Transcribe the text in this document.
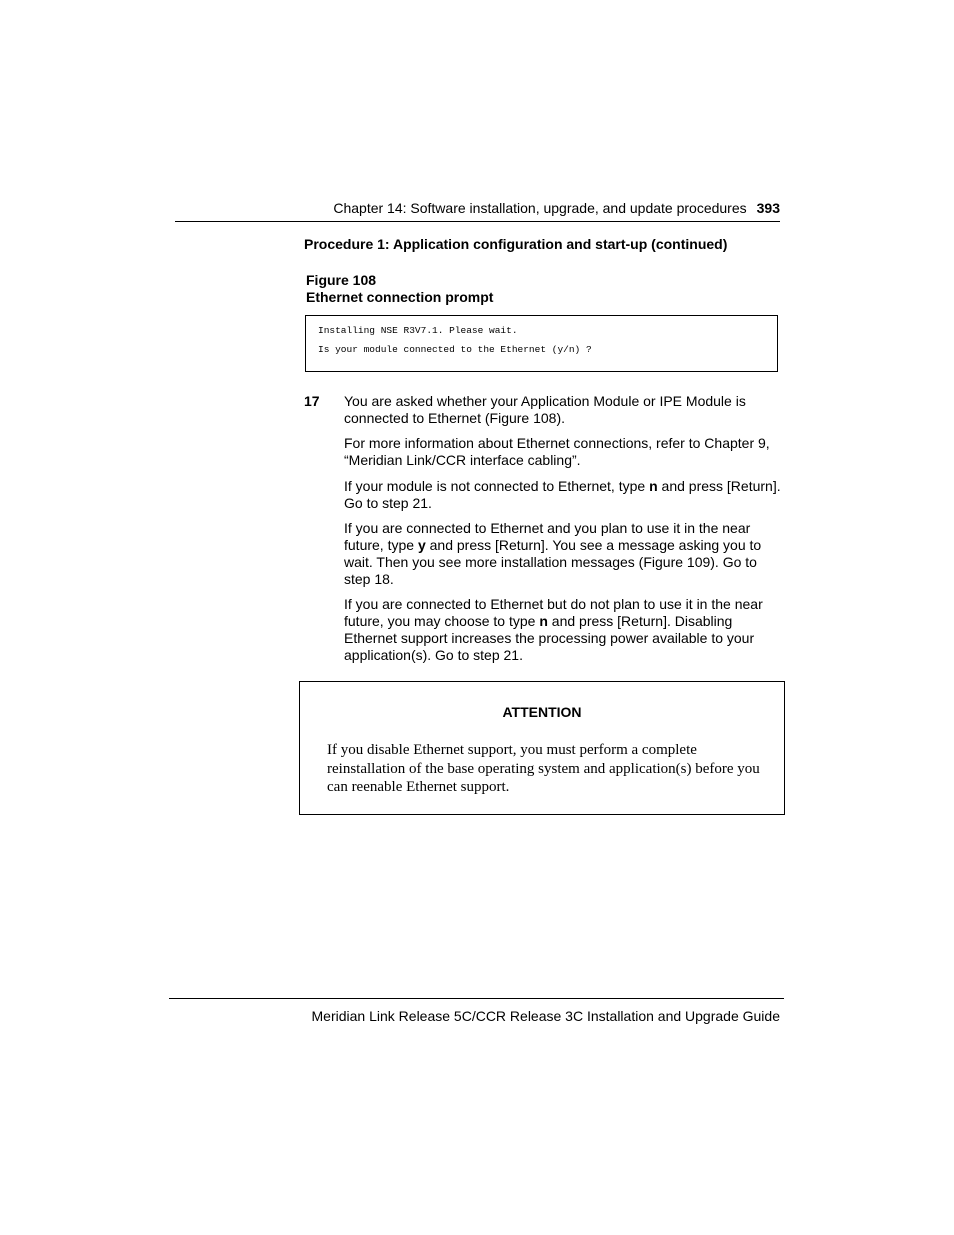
Chapter 14: Software installation, upgrade, and update procedures 393
Procedure 1: Application configuration and start-up (continued)
Figure 108
Ethernet connection prompt
Installing NSE R3V7.1. Please wait.
Is your module connected to the Ethernet (y/n) ?
17 You are asked whether your Application Module or IPE Module is connected to Ethernet (Figure 108).
For more information about Ethernet connections, refer to Chapter 9, “Meridian Link/CCR interface cabling”.
If your module is not connected to Ethernet, type n and press [Return]. Go to step 21.
If you are connected to Ethernet and you plan to use it in the near future, type y and press [Return]. You see a message asking you to wait. Then you see more installation messages (Figure 109). Go to step 18.
If you are connected to Ethernet but do not plan to use it in the near future, you may choose to type n and press [Return]. Disabling Ethernet support increases the processing power available to your application(s). Go to step 21.
ATTENTION
If you disable Ethernet support, you must perform a complete reinstallation of the base operating system and application(s) before you can reenable Ethernet support.
Meridian Link Release 5C/CCR Release 3C Installation and Upgrade Guide
